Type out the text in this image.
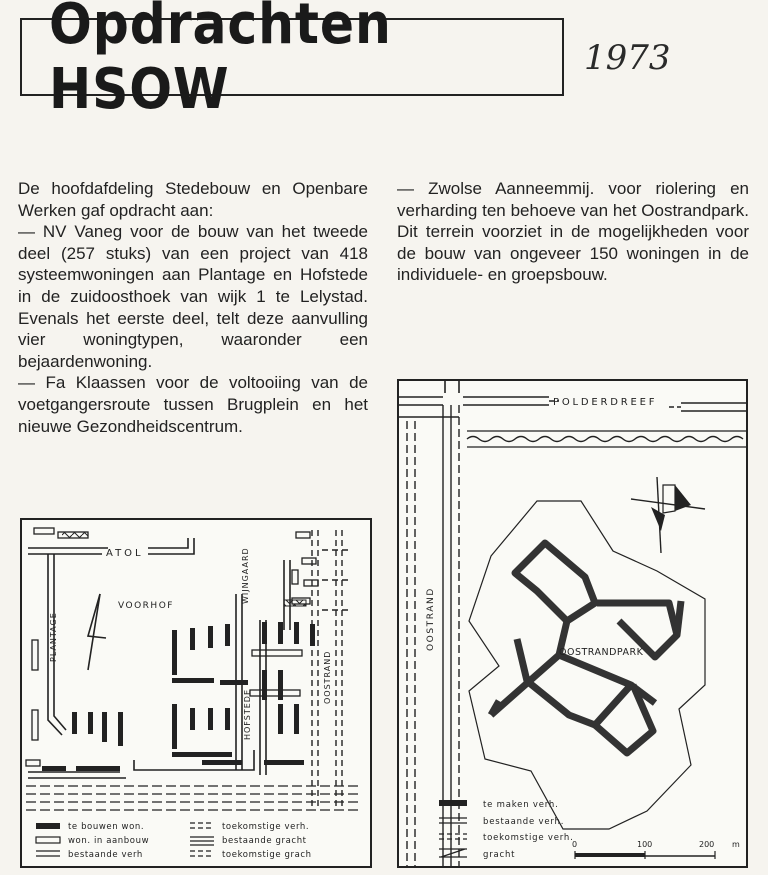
Opdrachten HSOW	1973

De hoofdafdeling Stedebouw en Openbare Werken gaf opdracht aan:

— NV Vaneg voor de bouw van het tweede deel (257 stuks) van een project van 418 systeemwoningen aan Plantage en Hofstede in de zuidoosthoek van wijk 1 te Lelystad. Evenals het eerste deel, telt deze aanvulling vier woningtypen, waaronder een bejaardenwoning.

— Fa Klaassen voor de voltooiing van de voetgangersroute tussen Brugplein en het nieuwe Gezondheidscentrum.

— Zwolse Aanneemmij. voor riolering en verharding ten behoeve van het Oostrandpark. Dit terrein voorziet in de mogelijkheden voor de bouw van ongeveer 150 woningen in de individuele- en groepsbouw.

ATOL
VOORHOF
PLANTAGE
WIJNGAARD
HOFSTEDE
OOSTRAND
te bouwen won.
won. in aanbouw
bestaande verh
toekomstige verh.
bestaande gracht
toekomstige grach
POLDERDREEF
OOSTRAND
OOSTRANDPARK
te maken verh.
bestaande verh.
toekomstige verh.
gracht
0	100	200 m
